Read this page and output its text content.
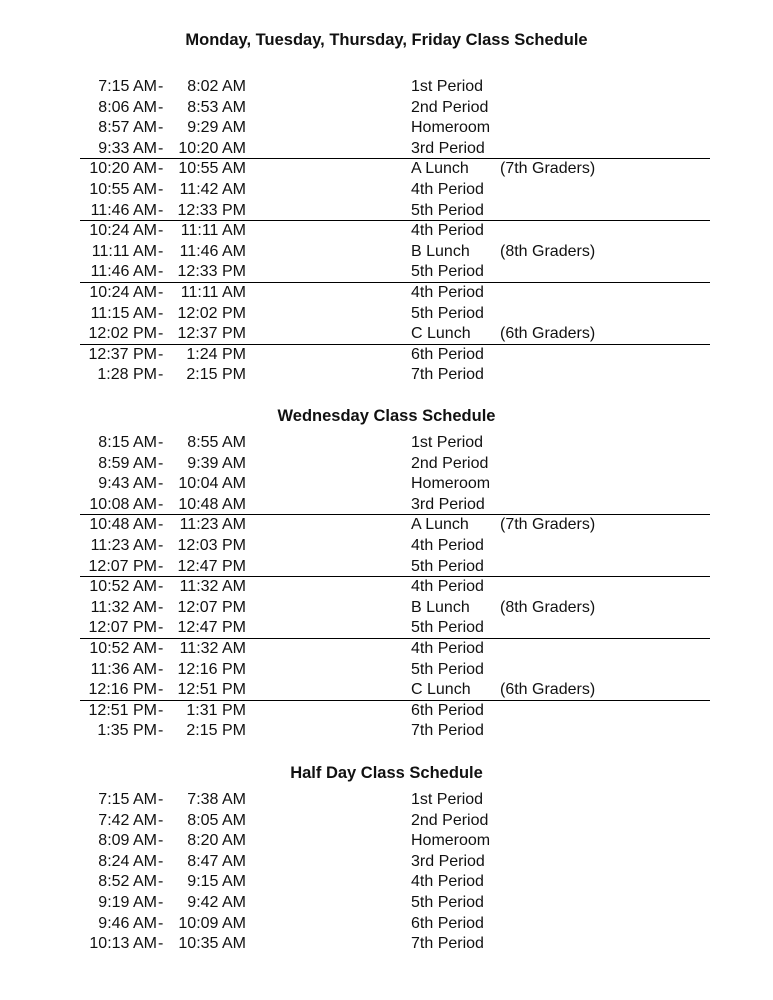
Monday, Tuesday, Thursday, Friday Class Schedule
7:15 AM - 8:02 AM	1st Period
8:06 AM - 8:53 AM	2nd Period
8:57 AM - 9:29 AM	Homeroom
9:33 AM - 10:20 AM	3rd Period
10:20 AM - 10:55 AM	A Lunch (7th Graders)
10:55 AM - 11:42 AM	4th Period
11:46 AM - 12:33 PM	5th Period
10:24 AM - 11:11 AM	4th Period
11:11 AM - 11:46 AM	B Lunch (8th Graders)
11:46 AM - 12:33 PM	5th Period
10:24 AM - 11:11 AM	4th Period
11:15 AM - 12:02 PM	5th Period
12:02 PM - 12:37 PM	C Lunch (6th Graders)
12:37 PM - 1:24 PM	6th Period
1:28 PM - 2:15 PM	7th Period
Wednesday Class Schedule
8:15 AM - 8:55 AM	1st Period
8:59 AM - 9:39 AM	2nd Period
9:43 AM - 10:04 AM	Homeroom
10:08 AM - 10:48 AM	3rd Period
10:48 AM - 11:23 AM	A Lunch (7th Graders)
11:23 AM - 12:03 PM	4th Period
12:07 PM - 12:47 PM	5th Period
10:52 AM - 11:32 AM	4th Period
11:32 AM - 12:07 PM	B Lunch (8th Graders)
12:07 PM - 12:47 PM	5th Period
10:52 AM - 11:32 AM	4th Period
11:36 AM - 12:16 PM	5th Period
12:16 PM - 12:51 PM	C Lunch (6th Graders)
12:51 PM - 1:31 PM	6th Period
1:35 PM - 2:15 PM	7th Period
Half Day Class Schedule
7:15 AM - 7:38 AM	1st Period
7:42 AM - 8:05 AM	2nd Period
8:09 AM - 8:20 AM	Homeroom
8:24 AM - 8:47 AM	3rd Period
8:52 AM - 9:15 AM	4th Period
9:19 AM - 9:42 AM	5th Period
9:46 AM - 10:09 AM	6th Period
10:13 AM - 10:35 AM	7th Period
